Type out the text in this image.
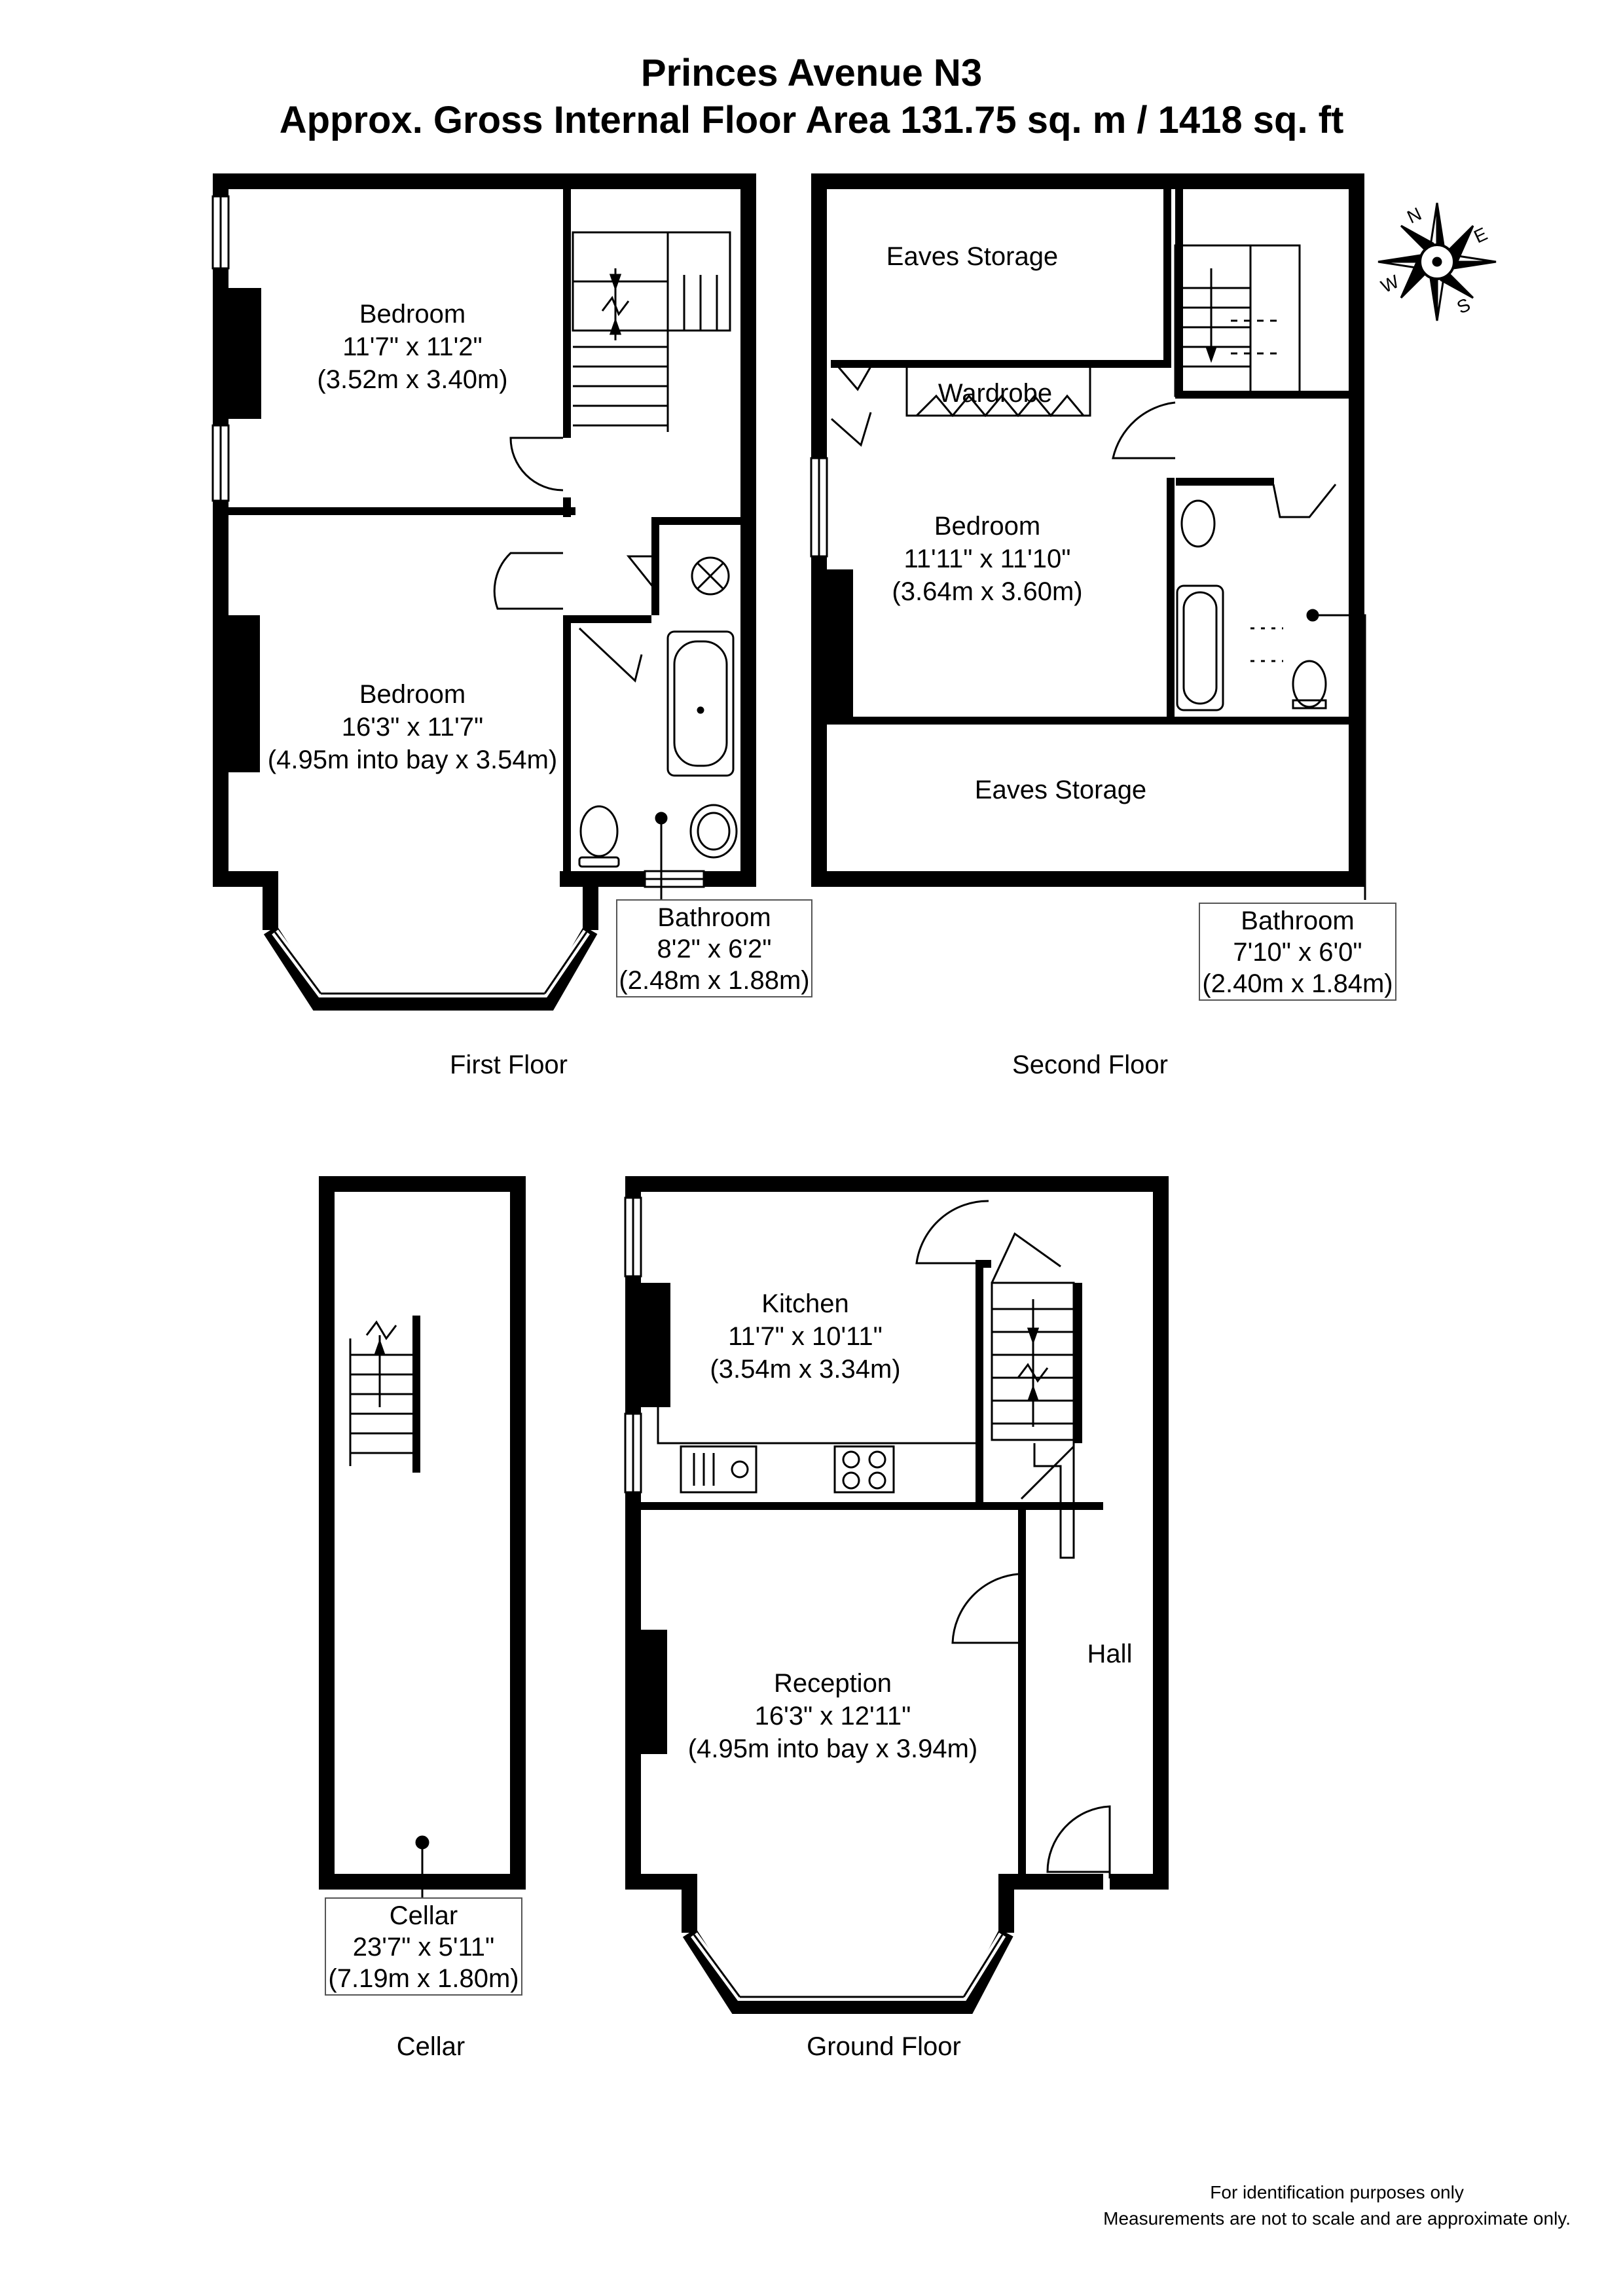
Princes Avenue N3
Approx. Gross Internal Floor Area 131.75 sq. m / 1418 sq. ft
N
E
S
W
Bedroom
11'7" x 11'2"
(3.52m x 3.40m)
Bedroom
16'3" x 11'7"
(4.95m into bay x 3.54m)
Bathroom
8'2" x 6'2"
(2.48m x 1.88m)
Eaves Storage
Wardrobe
Bedroom
11'11" x 11'10"
(3.64m x 3.60m)
Eaves Storage
Bathroom
7'10" x 6'0"
(2.40m x 1.84m)
Cellar
23'7" x 5'11"
(7.19m x 1.80m)
Kitchen
11'7" x 10'11"
(3.54m x 3.34m)
Reception
16'3" x 12'11"
(4.95m into bay x 3.94m)
Hall
First Floor	Second Floor
Cellar	Ground Floor
For identification purposes only
Measurements are not to scale and are approximate only.
